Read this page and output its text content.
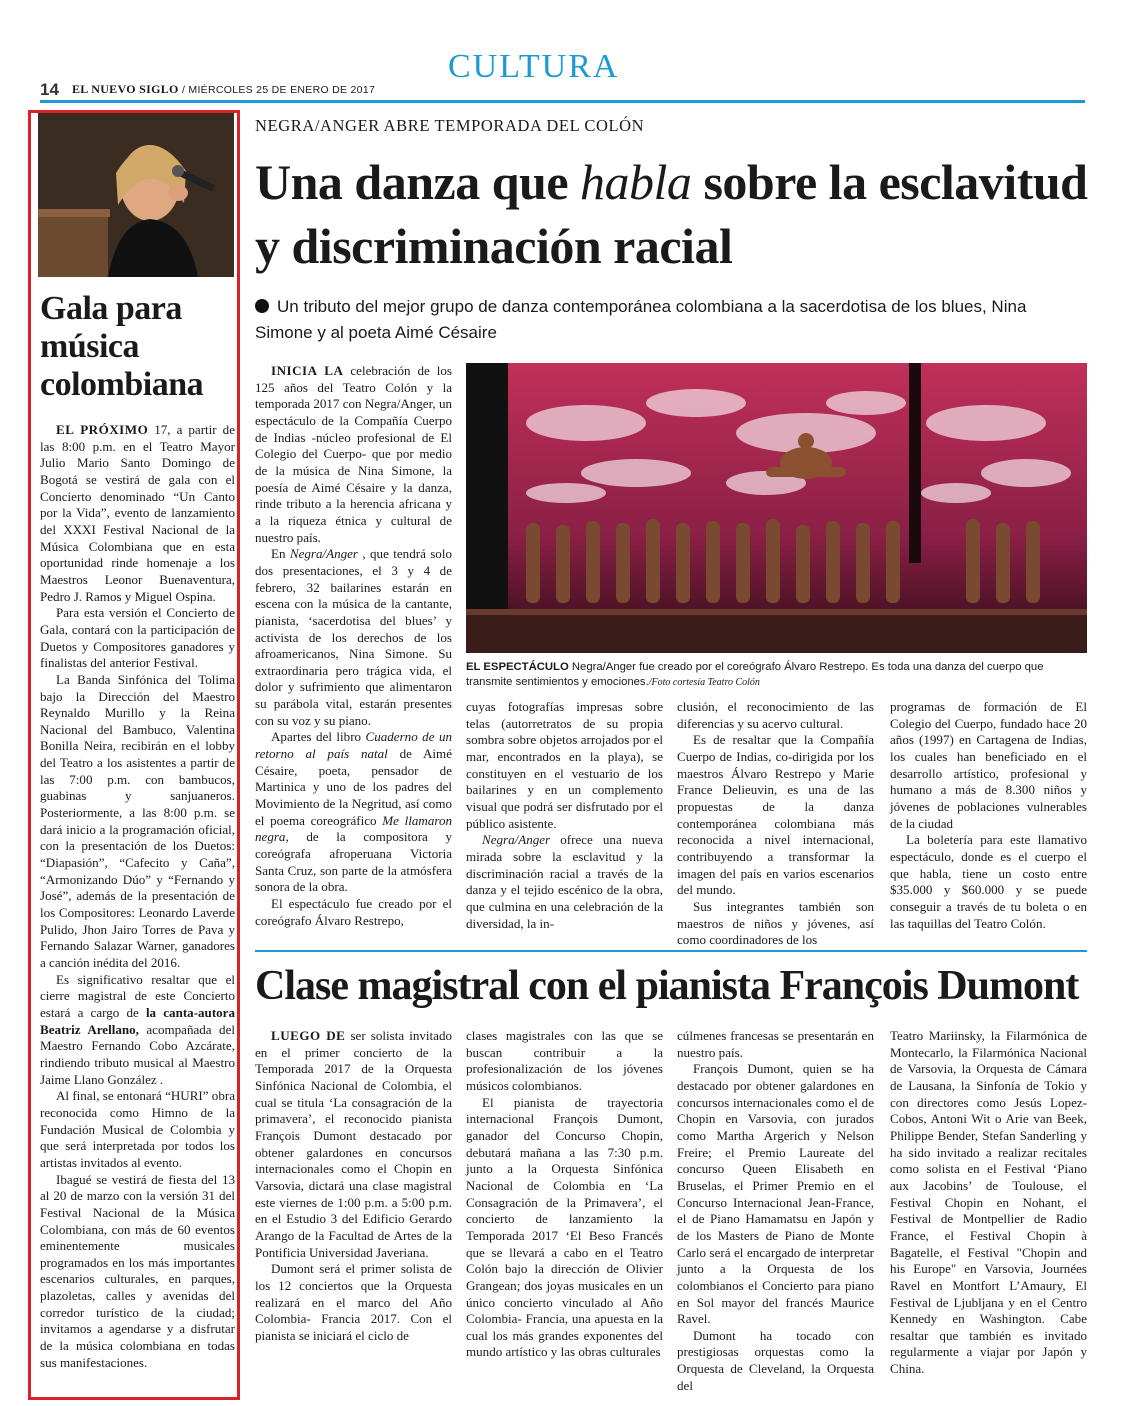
14 EL NUEVO SIGLO / MIÉRCOLES 25 DE ENERO DE 2017
CULTURA
Gala para música colombiana

EL PRÓXIMO 17, a partir de las 8:00 p.m. en el Teatro Mayor Julio Mario Santo Domingo de Bogotá se vestirá de gala con el Concierto denominado “Un Canto por la Vida”, evento de lanzamiento del XXXI Festival Nacional de la Música Colombiana que en esta oportunidad rinde homenaje a los Maestros Leonor Buenaventura, Pedro J. Ramos y Miguel Ospina.

Para esta versión el Concierto de Gala, contará con la participación de Duetos y Compositores ganadores y finalistas del anterior Festival.

La Banda Sinfónica del Tolima bajo la Dirección del Maestro Reynaldo Murillo y la Reina Nacional del Bambuco, Valentina Bonilla Neira, recibirán en el lobby del Teatro a los asistentes a partir de las 7:00 p.m. con bambucos, guabinas y sanjuaneros. Posteriormente, a las 8:00 p.m. se dará inicio a la programación oficial, con la presentación de los Duetos: “Diapasión”, “Cafecito y Caña”, “Armonizando Dúo” y “Fernando y José”, además de la presentación de los Compositores: Leonardo Laverde Pulido, Jhon Jairo Torres de Pava y Fernando Salazar Warner, ganadores a canción inédita del 2016.

Es significativo resaltar que el cierre magistral de este Concierto estará a cargo de la canta-autora Beatriz Arellano, acompañada del Maestro Fernando Cobo Azcárate, rindiendo tributo musical al Maestro Jaime Llano González .

Al final, se entonará “HURI” obra reconocida como Himno de la Fundación Musical de Colombia y que será interpretada por todos los artistas invitados al evento.

Ibagué se vestirá de fiesta del 13 al 20 de marzo con la versión 31 del Festival Nacional de la Música Colombiana, con más de 60 eventos eminentemente musicales programados en los más importantes escenarios culturales, en parques, plazoletas, calles y avenidas del corredor turístico de la ciudad; invitamos a agendarse y a disfrutar de la música colombiana en todas sus manifestaciones.

NEGRA/ANGER ABRE TEMPORADA DEL COLÓN
Una danza que habla sobre la esclavitud y discriminación racial
Un tributo del mejor grupo de danza contemporánea colombiana a la sacerdotisa de los blues, Nina Simone y al poeta Aimé Césaire

INICIA LA celebración de los 125 años del Teatro Colón y la temporada 2017 con Negra/Anger, un espectáculo de la Compañía Cuerpo de Indias -núcleo profesional de El Colegio del Cuerpo- que por medio de la música de Nina Simone, la poesía de Aimé Césaire y la danza, rinde tributo a la herencia africana y a la riqueza étnica y cultural de nuestro país.

En Negra/Anger , que tendrá solo dos presentaciones, el 3 y 4 de febrero, 32 bailarines estarán en escena con la música de la cantante, pianista, ‘sacerdotisa del blues’ y activista de los derechos de los afroamericanos, Nina Simone. Su extraordinaria pero trágica vida, el dolor y sufrimiento que alimentaron su parábola vital, estarán presentes con su voz y su piano.

Apartes del libro Cuaderno de un retorno al país natal de Aimé Césaire, poeta, pensador de Martinica y uno de los padres del Movimiento de la Negritud, así como el poema coreográfico Me llamaron negra, de la compositora y coreógrafa afroperuana Victoria Santa Cruz, son parte de la atmósfera sonora de la obra.

El espectáculo fue creado por el coreógrafo Álvaro Restrepo,

EL ESPECTÁCULO Negra/Anger fue creado por el coreógrafo Álvaro Restrepo. Es toda una danza del cuerpo que transmite sentimientos y emociones./Foto cortesía Teatro Colón

cuyas fotografías impresas sobre telas (autorretratos de su propia sombra sobre objetos arrojados por el mar, encontrados en la playa), se constituyen en el vestuario de los bailarines y en un complemento visual que podrá ser disfrutado por el público asistente.

Negra/Anger ofrece una nueva mirada sobre la esclavitud y la discriminación racial a través de la danza y el tejido escénico de la obra, que culmina en una celebración de la diversidad, la in-

clusión, el reconocimiento de las diferencias y su acervo cultural.

Es de resaltar que la Compañía Cuerpo de Indias, co-dirigida por los maestros Álvaro Restrepo y Marie France Delieuvin, es una de las propuestas de la danza contemporánea colombiana más reconocida a nivel internacional, contribuyendo a transformar la imagen del país en varios escenarios del mundo.

Sus integrantes también son maestros de niños y jóvenes, así como coordinadores de los

programas de formación de El Colegio del Cuerpo, fundado hace 20 años (1997) en Cartagena de Indias, los cuales han beneficiado en el desarrollo artístico, profesional y humano a más de 8.300 niños y jóvenes de poblaciones vulnerables de la ciudad

La boletería para este llamativo espectáculo, donde es el cuerpo el que habla, tiene un costo entre $35.000 y $60.000 y se puede conseguir a través de tu boleta o en las taquillas del Teatro Colón.

Clase magistral con el pianista François Dumont

LUEGO DE ser solista invitado en el primer concierto de la Temporada 2017 de la Orquesta Sinfónica Nacional de Colombia, el cual se titula ‘La consagración de la primavera’, el reconocido pianista François Dumont destacado por obtener galardones en concursos internacionales como el Chopin en Varsovia, dictará una clase magistral este viernes de 1:00 p.m. a 5:00 p.m. en el Estudio 3 del Edificio Gerardo Arango de la Facultad de Artes de la Pontificia Universidad Javeriana.

Dumont será el primer solista de los 12 conciertos que la Orquesta realizará en el marco del Año Colombia- Francia 2017. Con el pianista se iniciará el ciclo de

clases magistrales con las que se buscan contribuir a la profesionalización de los jóvenes músicos colombianos.

El pianista de trayectoria internacional François Dumont, ganador del Concurso Chopin, debutará mañana a las 7:30 p.m. junto a la Orquesta Sinfónica Nacional de Colombia en ‘La Consagración de la Primavera’, el concierto de lanzamiento la Temporada 2017 ‘El Beso Francés que se llevará a cabo en el Teatro Colón bajo la dirección de Olivier Grangean; dos joyas musicales en un único concierto vinculado al Año Colombia- Francia, una apuesta en la cual los más grandes exponentes del mundo artístico y las obras culturales

cúlmenes francesas se presentarán en nuestro país.

François Dumont, quien se ha destacado por obtener galardones en concursos internacionales como el de Chopin en Varsovia, con jurados como Martha Argerich y Nelson Freire; el Premio Laureate del concurso Queen Elisabeth en Bruselas, el Primer Premio en el Concurso Internacional Jean-France, el de Piano Hamamatsu en Japón y de los Masters de Piano de Monte Carlo será el encargado de interpretar junto a la Orquesta de los colombianos el Concierto para piano en Sol mayor del francés Maurice Ravel.

Dumont ha tocado con prestigiosas orquestas como la Orquesta de Cleveland, la Orquesta del

Teatro Mariinsky, la Filarmónica de Montecarlo, la Filarmónica Nacional de Varsovia, la Orquesta de Cámara de Lausana, la Sinfonía de Tokio y con directores como Jesús Lopez-Cobos, Antoni Wit o Arie van Beek, Philippe Bender, Stefan Sanderling y ha sido invitado a realizar recitales como solista en el Festival ‘Piano aux Jacobins’ de Toulouse, el Festival Chopin en Nohant, el Festival de Montpellier de Radio France, el Festival Chopin à Bagatelle, el Festival "Chopin and his Europe" en Varsovia, Journées Ravel en Montfort L’Amaury, El Festival de Ljubljana y en el Centro Kennedy en Washington. Cabe resaltar que también es invitado regularmente a viajar por Japón y China.
